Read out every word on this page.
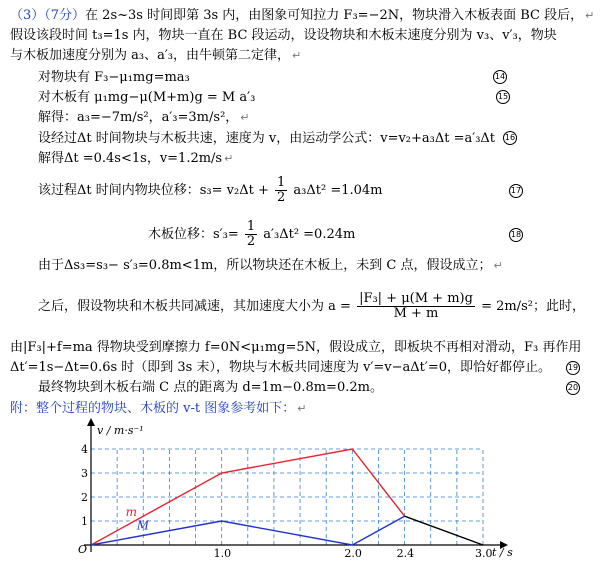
（3）（7分）在 2s~3s 时间即第 3s 内，由图象可知拉力 F₃=−2N，物块滑入木板表面 BC 段后， ↵
假设该段时间 t₃=1s 内，物块一直在 BC 段运动，设设物块和木板末速度分别为 v₃、v′₃，物块
与木板加速度分别为 a₃、a′₃，由牛顿第二定律， ↵
对物块有 F₃−μ₁mg=ma₃	14
对木板有 μ₁mg−μ(M+m)g = M a′₃	15
解得：a₃=−7m/s²，a′₃=3m/s²， ↵
设经过Δt 时间物块与木板共速，速度为 v，由运动学公式：v=v₂+a₃Δt =a′₃Δt 16
解得Δt =0.4s<1s，v=1.2m/s ↵
该过程Δt 时间内物块位移：$s_3= v_2\Delta t + \frac{1}{2} a_3\Delta t^2 =1.04m$	17
木板位移：$s'_3= \frac{1}{2} a'_3\Delta t^2 =0.24m$	18
由于Δs₃=s₃− s′₃=0.8m<1m，所以物块还在木板上，未到 C 点，假设成立； ↵
之后，假设物块和木板共同减速，其加速度大小为 $a = \frac{\text{|F₃| + μ(M + m)g}}{M + m} = 2m/s^2$；此时，
由|F₃|+f=ma 得物块受到摩擦力 f=0N<μ₁mg=5N，假设成立，即板块不再相对滑动，F₃ 再作用
Δt′=1s−Δt=0.6s 时（即到 3s 末），物块与木板共同速度为 v′=v−aΔt′=0，即恰好都停止。 19
最终物块到木板右端 C 点的距离为 d=1m−0.8m=0.2m。	20
附：整个过程的物块、木板的 v-t 图象参考如下： ↵
m
M
1.0	2.0	2.4	3.0
1
2
3
4
v / m·s⁻¹
t / s
O
